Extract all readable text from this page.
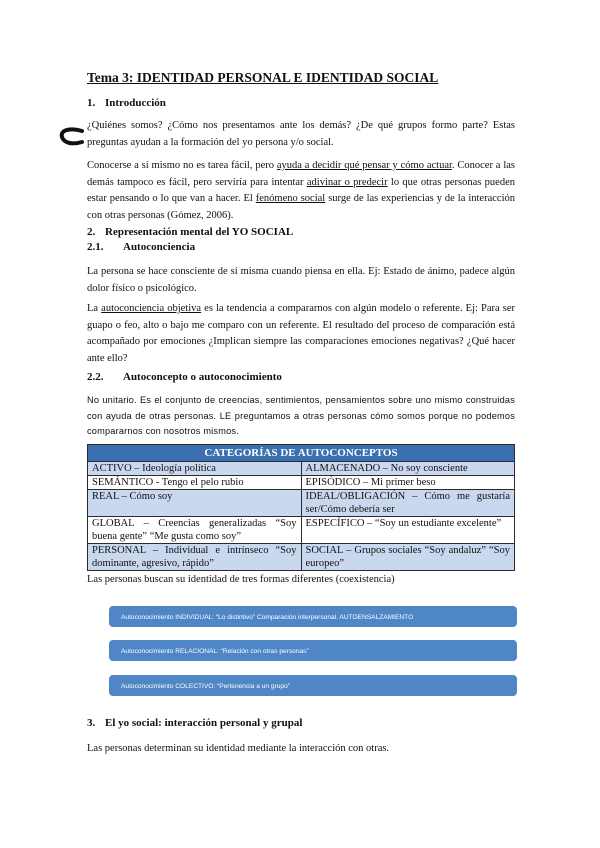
Tema 3: IDENTIDAD PERSONAL E IDENTIDAD SOCIAL
1. Introducción
¿Quiénes somos? ¿Cómo nos presentamos ante los demás? ¿De qué grupos formo parte? Estas preguntas ayudan a la formación del yo persona y/o social.
Conocerse a sí mismo no es tarea fácil, pero ayuda a decidir qué pensar y cómo actuar. Conocer a las demás tampoco es fácil, pero serviría para intentar adivinar o predecir lo que otras personas pueden estar pensando o lo que van a hacer. El fenómeno social surge de las experiencias y de la interacción con otras personas (Gómez, 2006).
2. Representación mental del YO SOCIAL
2.1. Autoconciencia
La persona se hace consciente de sí misma cuando piensa en ella. Ej: Estado de ánimo, padece algún dolor físico o psicológico.
La autoconciencia objetiva es la tendencia a compararnos con algún modelo o referente. Ej: Para ser guapo o feo, alto o bajo me comparo con un referente. El resultado del proceso de comparación está acompañado por emociones ¿Implican siempre las comparaciones emociones negativas? ¿Qué hacer ante ello?
2.2. Autoconcepto o autoconocimiento
No unitario. Es el conjunto de creencias, sentimientos, pensamientos sobre uno mismo construidas con ayuda de otras personas. LE preguntamos a otras personas cómo somos porque no podemos compararnos con nosotros mismos.
CATEGORÍAS DE AUTOCONCEPTOS	
ACTIVO – Ideología política	ALMACENADO – No soy consciente
SEMÁNTICO - Tengo el pelo rubio	EPISÓDICO – Mi primer beso
REAL – Cómo soy	IDEAL/OBLIGACIÓN – Cómo me gustaría ser/Cómo debería ser
GLOBAL – Creencias generalizadas “Soy buena gente” “Me gusta como soy”	ESPECÍFICO – “Soy un estudiante excelente”
PERSONAL – Individual e intrínseco “Soy dominante, agresivo, rápido”	SOCIAL – Grupos sociales “Soy andaluz” “Soy europeo”
Las personas buscan su identidad de tres formas diferentes (coexistencia)
Autoconocimiento INDIVIDUAL: “Lo distintivo” Comparación interpersonal. AUTOENSALZAMIENTO
Autoconocimiento RELACIONAL: “Relación con otras personas”
Autoconocimiento COLECTIVO: “Pertenencia a un grupo”
3. El yo social: interacción personal y grupal
Las personas determinan su identidad mediante la interacción con otras.
